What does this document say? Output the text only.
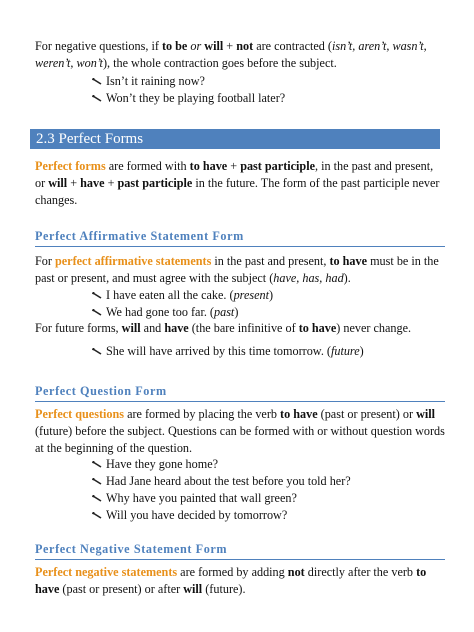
For negative questions, if to be or will + not are contracted (isn’t, aren’t, wasn’t,
weren’t, won’t), the whole contraction goes before the subject.

Isn’t it raining now?
Won’t they be playing football later?
2.3 Perfect Forms

Perfect forms are formed with to have + past participle, in the past and present, or will + have + past participle in the future. The form of the past participle never changes.

Perfect Affirmative Statement Form

For perfect affirmative statements in the past and present, to have must be in the past or present, and must agree with the subject (have, has, had).

I have eaten all the cake. (present)
We had gone too far. (past)

For future forms, will and have (the bare infinitive of to have) never change.

She will have arrived by this time tomorrow. (future)
Perfect Question Form

Perfect questions are formed by placing the verb to have (past or present) or will (future) before the subject. Questions can be formed with or without question words at the beginning of the question.

Have they gone home?
Had Jane heard about the test before you told her?
Why have you painted that wall green?
Will you have decided by tomorrow?
Perfect Negative Statement Form

Perfect negative statements are formed by adding not directly after the verb to have (past or present) or after will (future).
